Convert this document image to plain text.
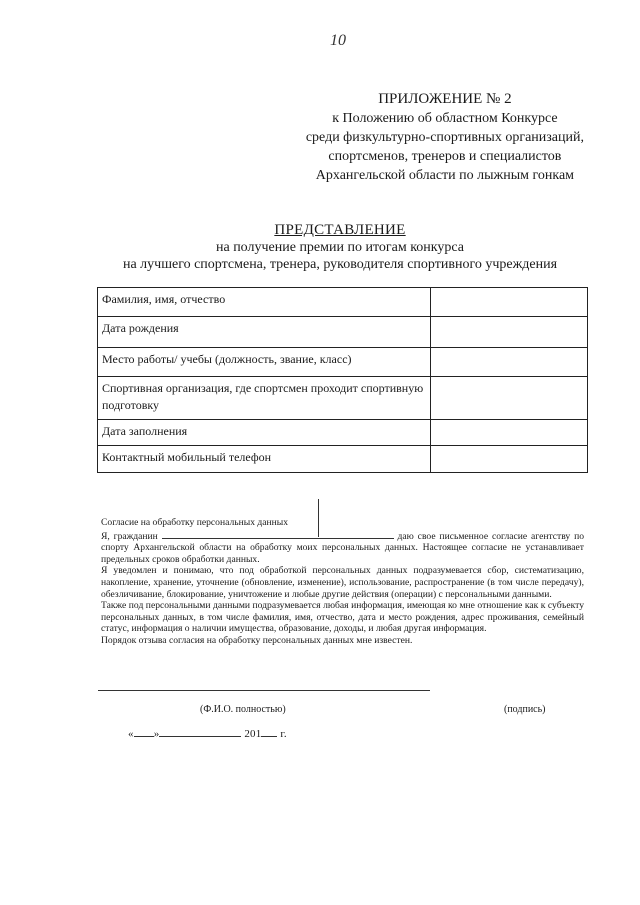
10
ПРИЛОЖЕНИЕ № 2
к Положению об областном Конкурсе
среди физкультурно-спортивных организаций,
спортсменов, тренеров и специалистов
Архангельской области по лыжным гонкам
ПРЕДСТАВЛЕНИЕ
на получение премии по итогам конкурса
на лучшего спортсмена, тренера, руководителя спортивного учреждения
Фамилия, имя, отчество	
Дата рождения	
Место работы/ учебы (должность, звание, класс)	
Спортивная организация, где спортсмен проходит спортивную подготовку	
Дата заполнения	
Контактный мобильный телефон	

Согласие на обработку персональных данных

Я, гражданин	даю свое письменное согласие агентству по спорту Архангельской области на обработку моих персональных данных. Настоящее согласие не устанавливает предельных сроков обработки данных.

Я уведомлен и понимаю, что под обработкой персональных данных подразумевается сбор, систематизацию, накопление, хранение, уточнение (обновление, изменение), использование, распространение (в том числе передачу), обезличивание, блокирование, уничтожение и любые другие действия (операции) с персональными данными.

Также под персональными данными подразумевается любая информация, имеющая ко мне отношение как к субъекту персональных данных, в том числе фамилия, имя, отчество, дата и место рождения, адрес проживания, семейный статус, информация о наличии имущества, образование, доходы, и любая другая информация.

Порядок отзыва согласия на обработку персональных данных мне известен.

(Ф.И.О. полностью)	(подпись)
« »	201 г.
